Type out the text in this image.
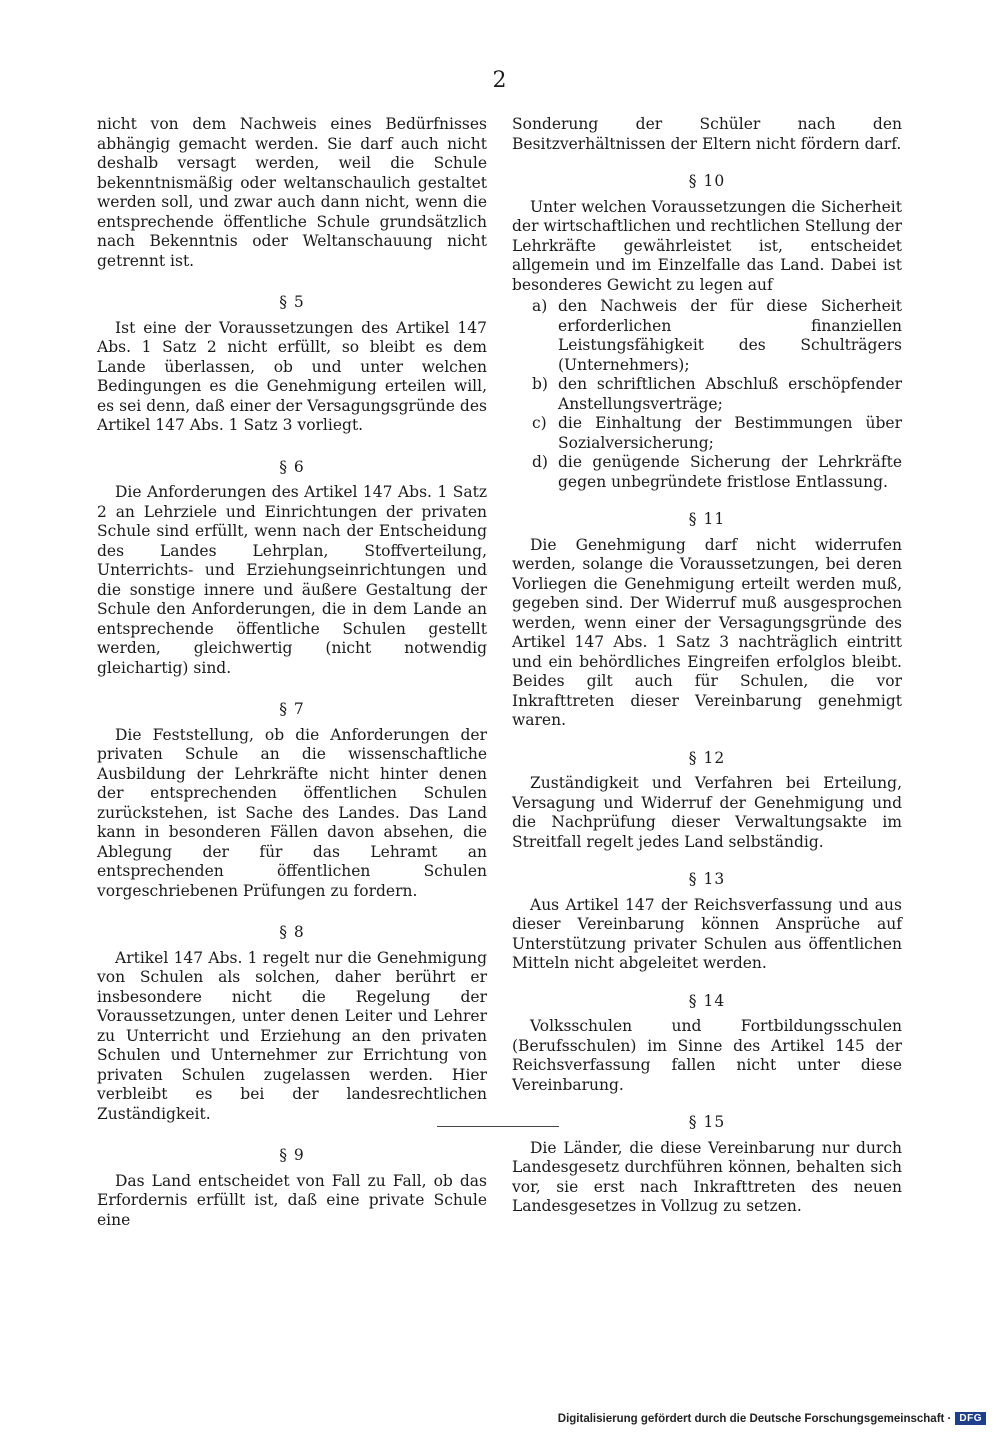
2

nicht von dem Nachweis eines Bedürfnisses abhängig gemacht werden. Sie darf auch nicht deshalb versagt werden, weil die Schule bekenntnismäßig oder weltanschaulich gestaltet werden soll, und zwar auch dann nicht, wenn die entsprechende öffentliche Schule grundsätzlich nach Bekenntnis oder Weltanschauung nicht getrennt ist.

§ 5

Ist eine der Voraussetzungen des Artikel 147 Abs. 1 Satz 2 nicht erfüllt, so bleibt es dem Lande überlassen, ob und unter welchen Bedingungen es die Genehmigung erteilen will, es sei denn, daß einer der Versagungsgründe des Artikel 147 Abs. 1 Satz 3 vorliegt.

§ 6

Die Anforderungen des Artikel 147 Abs. 1 Satz 2 an Lehrziele und Einrichtungen der privaten Schule sind erfüllt, wenn nach der Entscheidung des Landes Lehrplan, Stoffverteilung, Unterrichts- und Erziehungseinrichtungen und die sonstige innere und äußere Gestaltung der Schule den Anforderungen, die in dem Lande an entsprechende öffentliche Schulen gestellt werden, gleichwertig (nicht notwendig gleichartig) sind.

§ 7

Die Feststellung, ob die Anforderungen der privaten Schule an die wissenschaftliche Ausbildung der Lehrkräfte nicht hinter denen der entsprechenden öffentlichen Schulen zurückstehen, ist Sache des Landes. Das Land kann in besonderen Fällen davon absehen, die Ablegung der für das Lehramt an entsprechenden öffentlichen Schulen vorgeschriebenen Prüfungen zu fordern.

§ 8

Artikel 147 Abs. 1 regelt nur die Genehmigung von Schulen als solchen, daher berührt er insbesondere nicht die Regelung der Voraussetzungen, unter denen Leiter und Lehrer zu Unterricht und Erziehung an den privaten Schulen und Unternehmer zur Errichtung von privaten Schulen zugelassen werden. Hier verbleibt es bei der landesrechtlichen Zuständigkeit.

§ 9

Das Land entscheidet von Fall zu Fall, ob das Erfordernis erfüllt ist, daß eine private Schule eine

Sonderung der Schüler nach den Besitzverhältnissen der Eltern nicht fördern darf.

§ 10

Unter welchen Voraussetzungen die Sicherheit der wirtschaftlichen und rechtlichen Stellung der Lehrkräfte gewährleistet ist, entscheidet allgemein und im Einzelfalle das Land. Dabei ist besonderes Gewicht zu legen auf

a) den Nachweis der für diese Sicherheit erforderlichen finanziellen Leistungsfähigkeit des Schulträgers (Unternehmers);
b) den schriftlichen Abschluß erschöpfender Anstellungsverträge;
c) die Einhaltung der Bestimmungen über Sozialversicherung;
d) die genügende Sicherung der Lehrkräfte gegen unbegründete fristlose Entlassung.
§ 11

Die Genehmigung darf nicht widerrufen werden, solange die Voraussetzungen, bei deren Vorliegen die Genehmigung erteilt werden muß, gegeben sind. Der Widerruf muß ausgesprochen werden, wenn einer der Versagungsgründe des Artikel 147 Abs. 1 Satz 3 nachträglich eintritt und ein behördliches Eingreifen erfolglos bleibt. Beides gilt auch für Schulen, die vor Inkrafttreten dieser Vereinbarung genehmigt waren.

§ 12

Zuständigkeit und Verfahren bei Erteilung, Versagung und Widerruf der Genehmigung und die Nachprüfung dieser Verwaltungsakte im Streitfall regelt jedes Land selbständig.

§ 13

Aus Artikel 147 der Reichsverfassung und aus dieser Vereinbarung können Ansprüche auf Unterstützung privater Schulen aus öffentlichen Mitteln nicht abgeleitet werden.

§ 14

Volksschulen und Fortbildungsschulen (Berufsschulen) im Sinne des Artikel 145 der Reichsverfassung fallen nicht unter diese Vereinbarung.

§ 15

Die Länder, die diese Vereinbarung nur durch Landesgesetz durchführen können, behalten sich vor, sie erst nach Inkrafttreten des neuen Landesgesetzes in Vollzug zu setzen.

Digitalisierung gefördert durch die Deutsche Forschungsgemeinschaft · DFG
